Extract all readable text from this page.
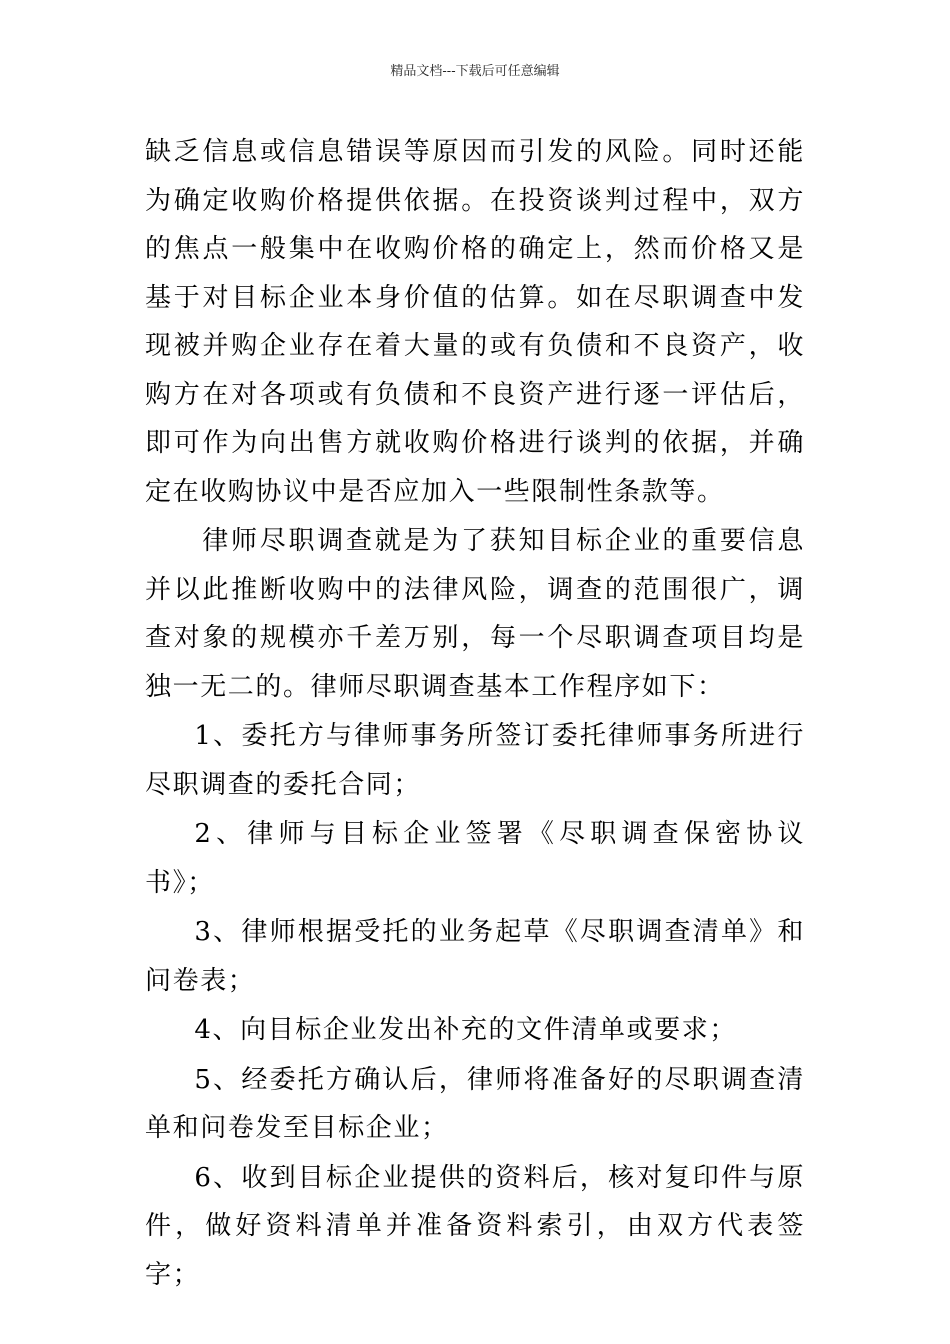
精品文档---下载后可任意编辑

缺乏信息或信息错误等原因而引发的风险。同时还能为确定收购价格提供依据。在投资谈判过程中，双方的焦点一般集中在收购价格的确定上，然而价格又是基于对目标企业本身价值的估算。如在尽职调查中发现被并购企业存在着大量的或有负债和不良资产，收购方在对各项或有负债和不良资产进行逐一评估后，即可作为向出售方就收购价格进行谈判的依据，并确定在收购协议中是否应加入一些限制性条款等。

律师尽职调查就是为了获知目标企业的重要信息并以此推断收购中的法律风险，调查的范围很广，调查对象的规模亦千差万别，每一个尽职调查项目均是独一无二的。律师尽职调查基本工作程序如下：

1、委托方与律师事务所签订委托律师事务所进行尽职调查的委托合同；

2、律师与目标企业签署《尽职调查保密协议书》；

3、律师根据受托的业务起草《尽职调查清单》和问卷表；

4、向目标企业发出补充的文件清单或要求；

5、经委托方确认后，律师将准备好的尽职调查清单和问卷发至目标企业；

6、收到目标企业提供的资料后，核对复印件与原件，做好资料清单并准备资料索引，由双方代表签字；
